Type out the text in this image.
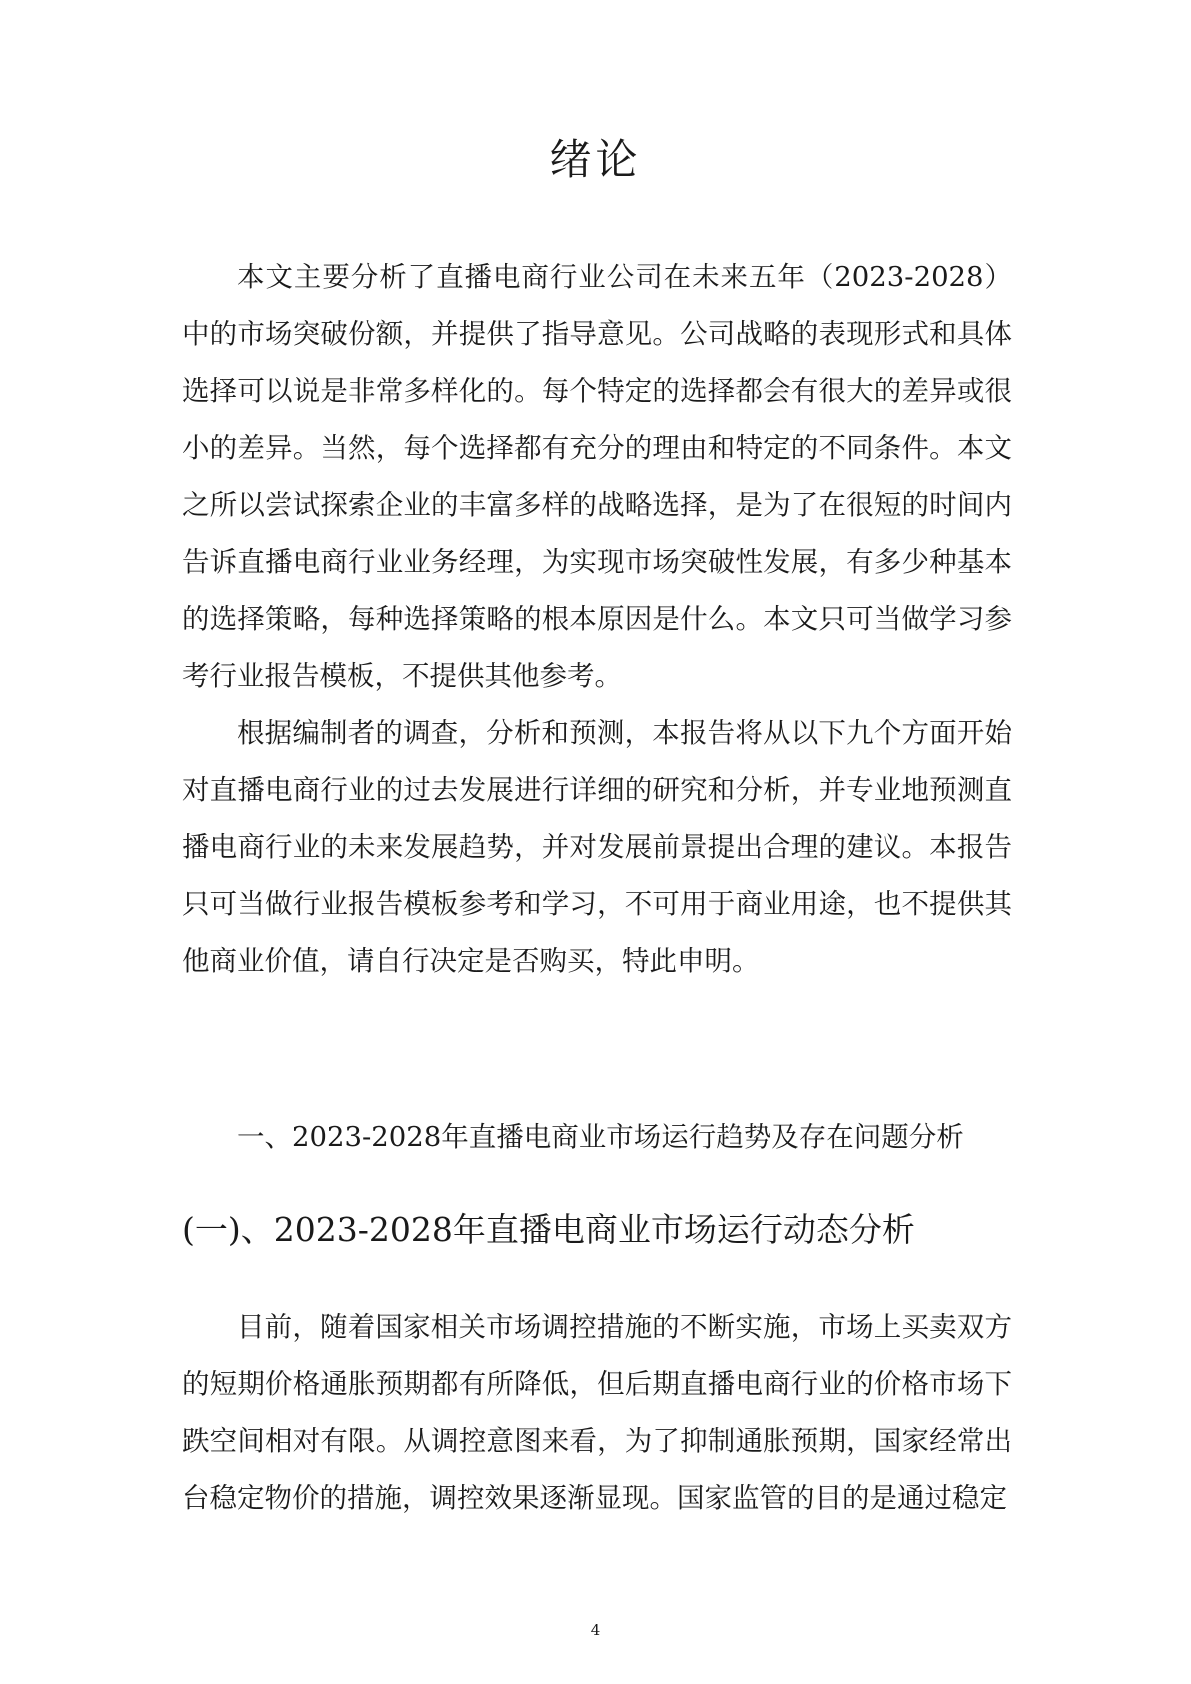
绪论

本文主要分析了直播电商行业公司在未来五年（2023-2028）中的市场突破份额，并提供了指导意见。公司战略的表现形式和具体选择可以说是非常多样化的。每个特定的选择都会有很大的差异或很小的差异。当然，每个选择都有充分的理由和特定的不同条件。本文之所以尝试探索企业的丰富多样的战略选择，是为了在很短的时间内告诉直播电商行业业务经理，为实现市场突破性发展，有多少种基本的选择策略，每种选择策略的根本原因是什么。本文只可当做学习参考行业报告模板，不提供其他参考。

根据编制者的调查，分析和预测，本报告将从以下九个方面开始对直播电商行业的过去发展进行详细的研究和分析，并专业地预测直播电商行业的未来发展趋势，并对发展前景提出合理的建议。本报告只可当做行业报告模板参考和学习，不可用于商业用途，也不提供其他商业价值，请自行决定是否购买，特此申明。

一、2023-2028年直播电商业市场运行趋势及存在问题分析
(一)、2023-2028年直播电商业市场运行动态分析

目前，随着国家相关市场调控措施的不断实施，市场上买卖双方的短期价格通胀预期都有所降低，但后期直播电商行业的价格市场下跌空间相对有限。从调控意图来看，为了抑制通胀预期，国家经常出台稳定物价的措施，调控效果逐渐显现。国家监管的目的是通过稳定

4
